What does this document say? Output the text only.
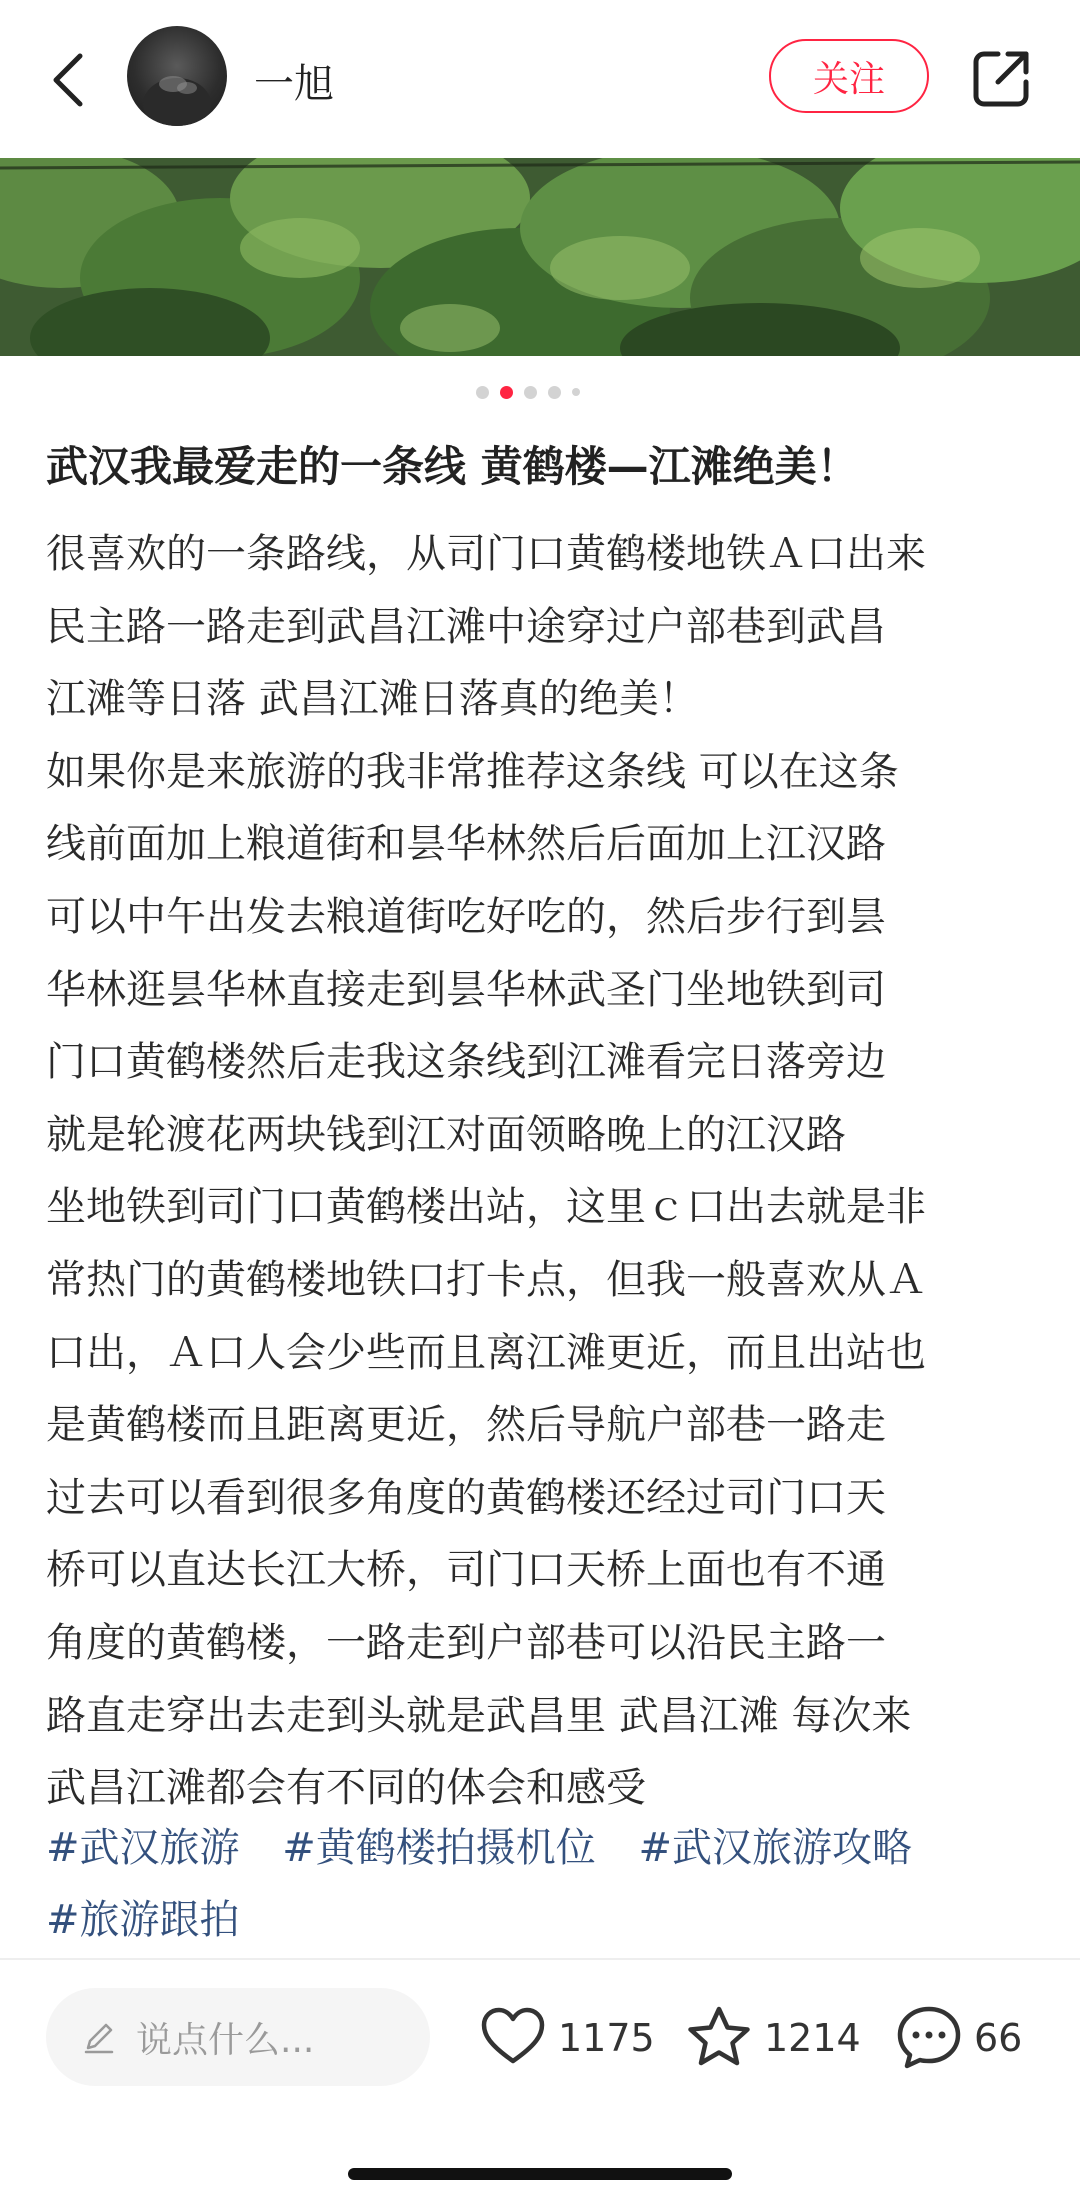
一旭	关注
武汉我最爱走的一条线 黄鹤楼—江滩绝美！
很喜欢的一条路线，从司门口黄鹤楼地铁Ａ口出来
民主路一路走到武昌江滩中途穿过户部巷到武昌
江滩等日落 武昌江滩日落真的绝美！
如果你是来旅游的我非常推荐这条线 可以在这条
线前面加上粮道街和昙华林然后后面加上江汉路
可以中午出发去粮道街吃好吃的，然后步行到昙
华林逛昙华林直接走到昙华林武圣门坐地铁到司
门口黄鹤楼然后走我这条线到江滩看完日落旁边
就是轮渡花两块钱到江对面领略晚上的江汉路
坐地铁到司门口黄鹤楼出站，这里ｃ口出去就是非
常热门的黄鹤楼地铁口打卡点，但我一般喜欢从Ａ
口出，Ａ口人会少些而且离江滩更近，而且出站也
是黄鹤楼而且距离更近，然后导航户部巷一路走
过去可以看到很多角度的黄鹤楼还经过司门口天
桥可以直达长江大桥，司门口天桥上面也有不通
角度的黄鹤楼，一路走到户部巷可以沿民主路一
路直走穿出去走到头就是武昌里 武昌江滩 每次来
武昌江滩都会有不同的体会和感受
#武汉旅游 #黄鹤楼拍摄机位 #武汉旅游攻略
#旅游跟拍
说点什么...	1175	1214	66
